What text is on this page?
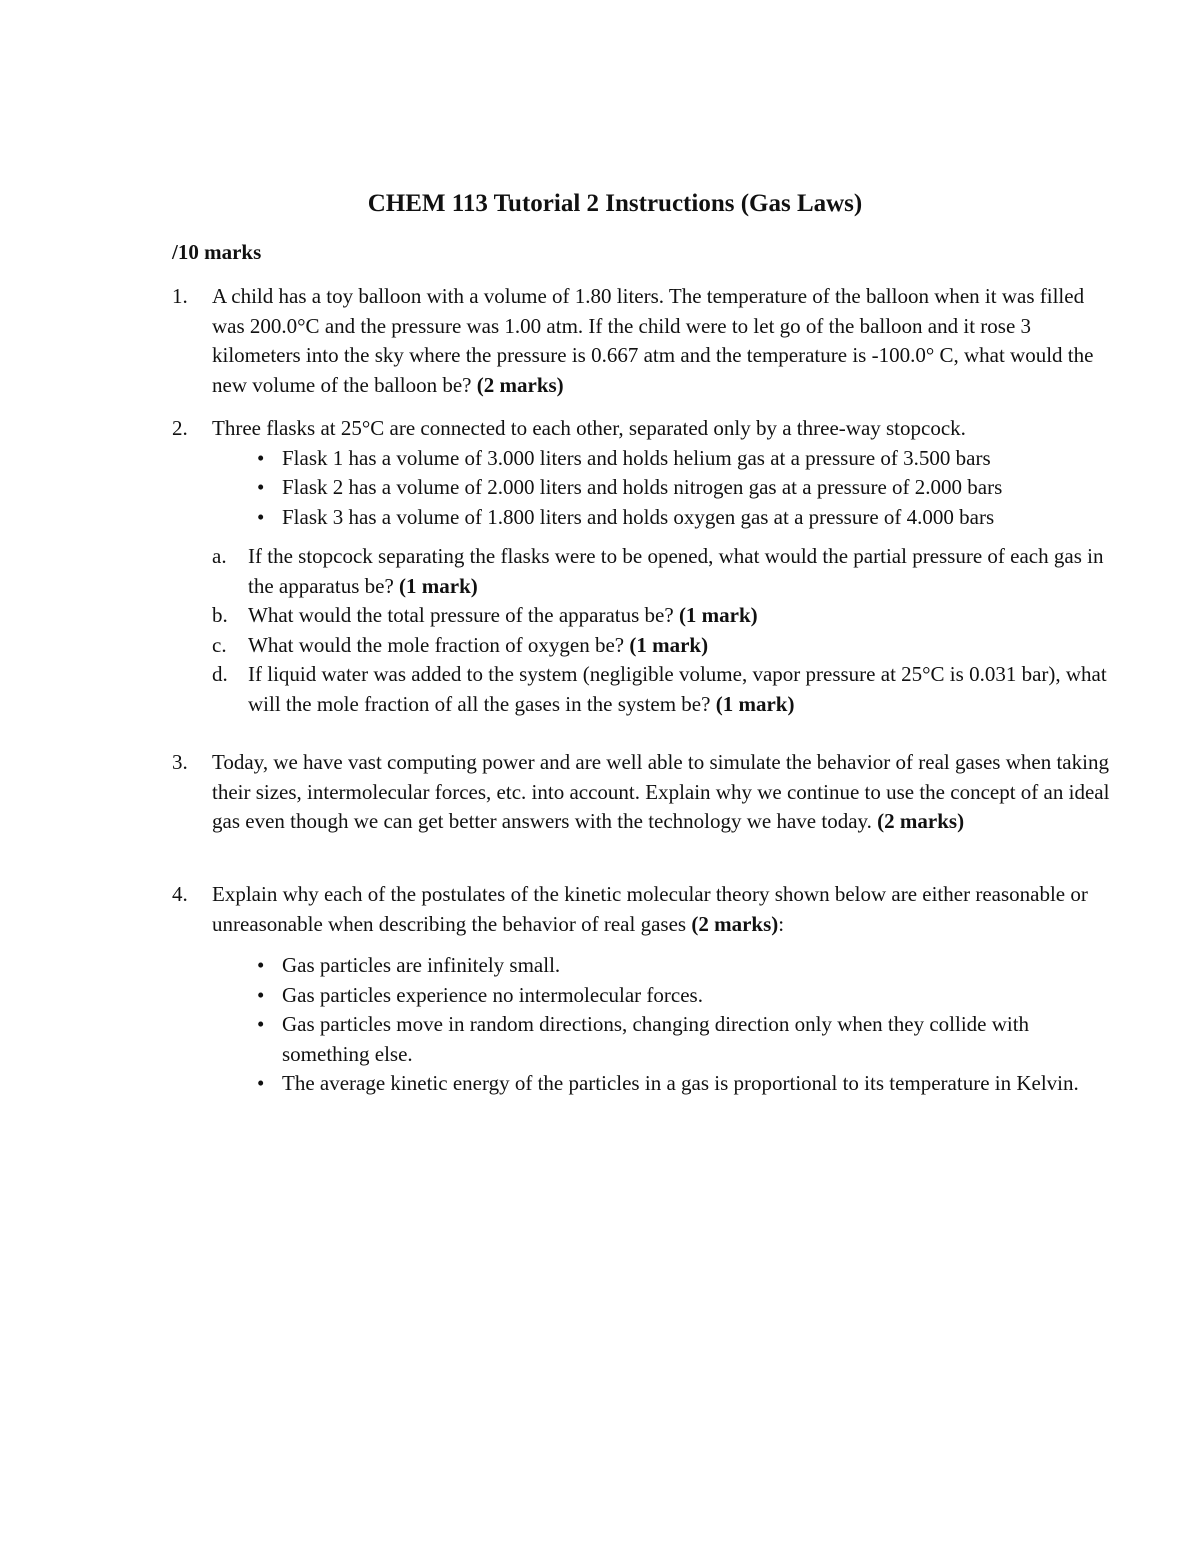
CHEM 113 Tutorial 2 Instructions (Gas Laws)
/10 marks
1. A child has a toy balloon with a volume of 1.80 liters. The temperature of the balloon when it was filled was 200.0°C and the pressure was 1.00 atm. If the child were to let go of the balloon and it rose 3 kilometers into the sky where the pressure is 0.667 atm and the temperature is -100.0° C, what would the new volume of the balloon be? (2 marks)
2. Three flasks at 25°C are connected to each other, separated only by a three-way stopcock.
• Flask 1 has a volume of 3.000 liters and holds helium gas at a pressure of 3.500 bars
• Flask 2 has a volume of 2.000 liters and holds nitrogen gas at a pressure of 2.000 bars
• Flask 3 has a volume of 1.800 liters and holds oxygen gas at a pressure of 4.000 bars
a. If the stopcock separating the flasks were to be opened, what would the partial pressure of each gas in the apparatus be? (1 mark)
b. What would the total pressure of the apparatus be? (1 mark)
c. What would the mole fraction of oxygen be? (1 mark)
d. If liquid water was added to the system (negligible volume, vapor pressure at 25°C is 0.031 bar), what will the mole fraction of all the gases in the system be? (1 mark)
3. Today, we have vast computing power and are well able to simulate the behavior of real gases when taking their sizes, intermolecular forces, etc. into account. Explain why we continue to use the concept of an ideal gas even though we can get better answers with the technology we have today. (2 marks)
4. Explain why each of the postulates of the kinetic molecular theory shown below are either reasonable or unreasonable when describing the behavior of real gases (2 marks):
• Gas particles are infinitely small.
• Gas particles experience no intermolecular forces.
• Gas particles move in random directions, changing direction only when they collide with something else.
• The average kinetic energy of the particles in a gas is proportional to its temperature in Kelvin.
